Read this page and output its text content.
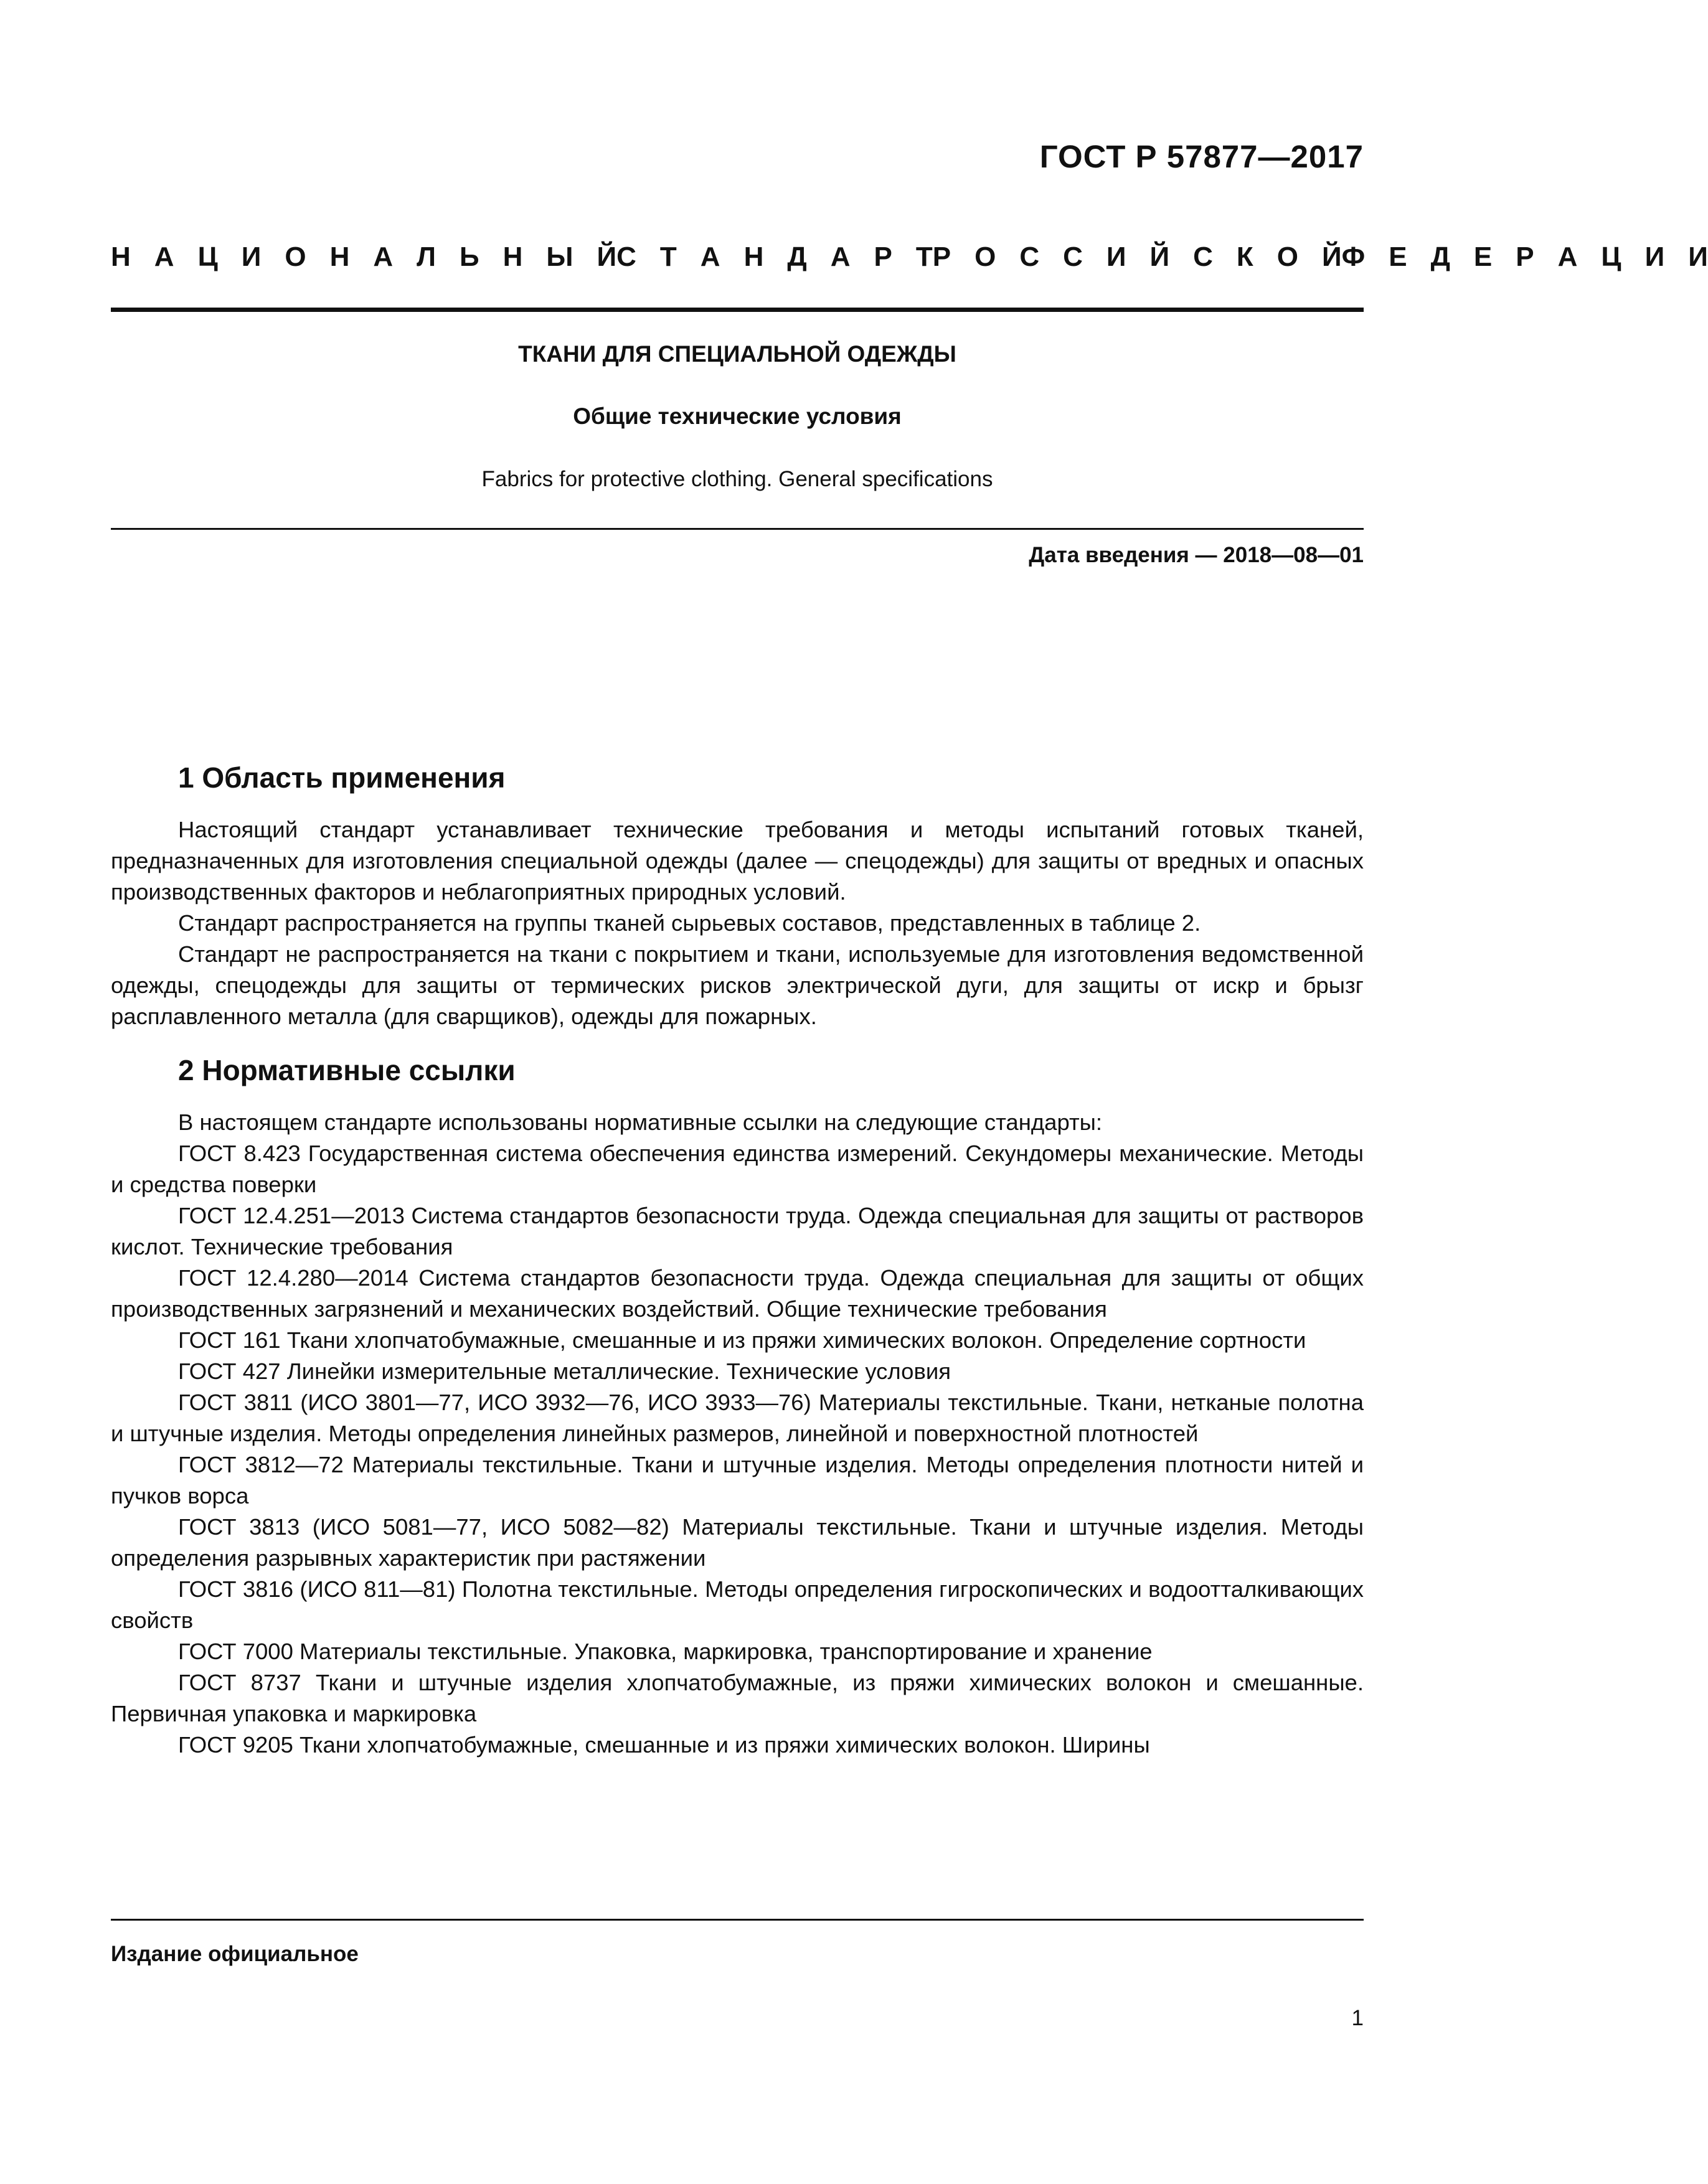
ГОСТ Р 57877—2017
Н А Ц И О Н А Л Ь Н Ы Й С Т А Н Д А Р Т Р О С С И Й С К О Й Ф Е Д Е Р А Ц И И
ТКАНИ ДЛЯ СПЕЦИАЛЬНОЙ ОДЕЖДЫ
Общие технические условия
Fabrics for protective clothing. General specifications
Дата введения — 2018—08—01
1 Область применения

Настоящий стандарт устанавливает технические требования и методы испытаний готовых тканей, предназначенных для изготовления специальной одежды (далее — спецодежды) для защиты от вредных и опасных производственных факторов и неблагоприятных природных условий.

Стандарт распространяется на группы тканей сырьевых составов, представленных в таблице 2.

Стандарт не распространяется на ткани с покрытием и ткани, используемые для изготовления ведомственной одежды, спецодежды для защиты от термических рисков электрической дуги, для защиты от искр и брызг расплавленного металла (для сварщиков), одежды для пожарных.

2 Нормативные ссылки

В настоящем стандарте использованы нормативные ссылки на следующие стандарты:

ГОСТ 8.423 Государственная система обеспечения единства измерений. Секундомеры механические. Методы и средства поверки

ГОСТ 12.4.251—2013 Система стандартов безопасности труда. Одежда специальная для защиты от растворов кислот. Технические требования

ГОСТ 12.4.280—2014 Система стандартов безопасности труда. Одежда специальная для защиты от общих производственных загрязнений и механических воздействий. Общие технические требования

ГОСТ 161 Ткани хлопчатобумажные, смешанные и из пряжи химических волокон. Определение сортности

ГОСТ 427 Линейки измерительные металлические. Технические условия

ГОСТ 3811 (ИСО 3801—77, ИСО 3932—76, ИСО 3933—76) Материалы текстильные. Ткани, нетканые полотна и штучные изделия. Методы определения линейных размеров, линейной и поверхностной плотностей

ГОСТ 3812—72 Материалы текстильные. Ткани и штучные изделия. Методы определения плотности нитей и пучков ворса

ГОСТ 3813 (ИСО 5081—77, ИСО 5082—82) Материалы текстильные. Ткани и штучные изделия. Методы определения разрывных характеристик при растяжении

ГОСТ 3816 (ИСО 811—81) Полотна текстильные. Методы определения гигроскопических и водоотталкивающих свойств

ГОСТ 7000 Материалы текстильные. Упаковка, маркировка, транспортирование и хранение

ГОСТ 8737 Ткани и штучные изделия хлопчатобумажные, из пряжи химических волокон и смешанные. Первичная упаковка и маркировка

ГОСТ 9205 Ткани хлопчатобумажные, смешанные и из пряжи химических волокон. Ширины

Издание официальное
1
